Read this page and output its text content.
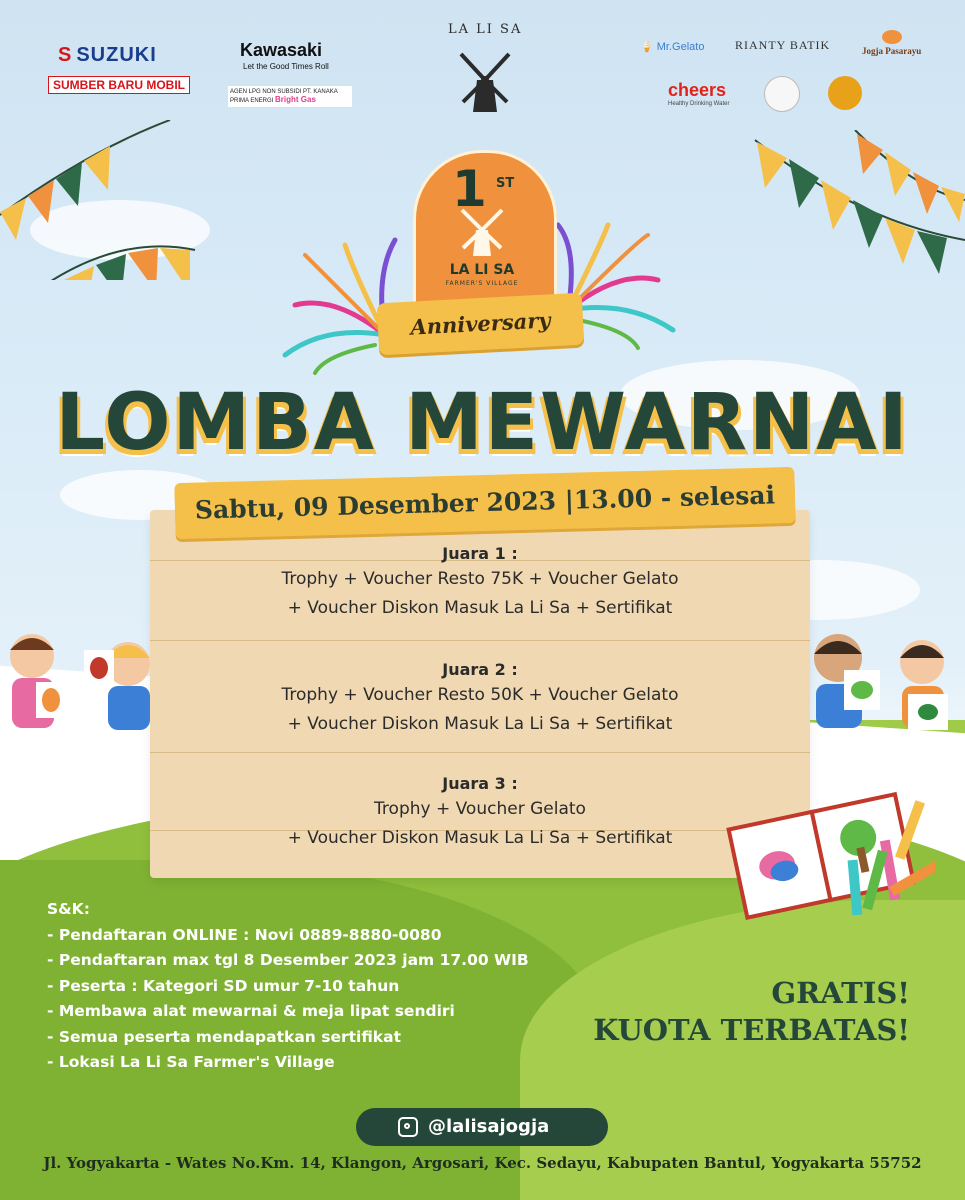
S SUZUKI
SUMBER BARU MOBIL
Kawasaki
Let the Good Times Roll
AGEN LPG NON SUBSIDI PT. KANAKA PRIMA ENERGI Bright Gas
LA LI SA
🍦 Mr.Gelato	RIANTY BATIK	Jogja Pasarayu
cheers
Healthy Drinking Water
1 ST
LA LI SA
FARMER'S VILLAGE
Anniversary
LOMBA MEWARNAI
Sabtu, 09 Desember 2023 |13.00 - selesai
Juara 1 :
Trophy + Voucher Resto 75K + Voucher Gelato
+ Voucher Diskon Masuk La Li Sa + Sertifikat
Juara 2 :
Trophy + Voucher Resto 50K + Voucher Gelato
+ Voucher Diskon Masuk La Li Sa + Sertifikat
Juara 3 :
Trophy + Voucher Gelato
+ Voucher Diskon Masuk La Li Sa + Sertifikat
S&K:
- Pendaftaran ONLINE : Novi 0889-8880-0080
- Pendaftaran max tgl 8 Desember 2023 jam 17.00 WIB
- Peserta : Kategori SD umur 7-10 tahun
- Membawa alat mewarnai & meja lipat sendiri
- Semua peserta mendapatkan sertifikat
- Lokasi La Li Sa Farmer's Village
GRATIS!
KUOTA TERBATAS!
@lalisajogja
Jl. Yogyakarta - Wates No.Km. 14, Klangon, Argosari, Kec. Sedayu, Kabupaten Bantul, Yogyakarta 55752
